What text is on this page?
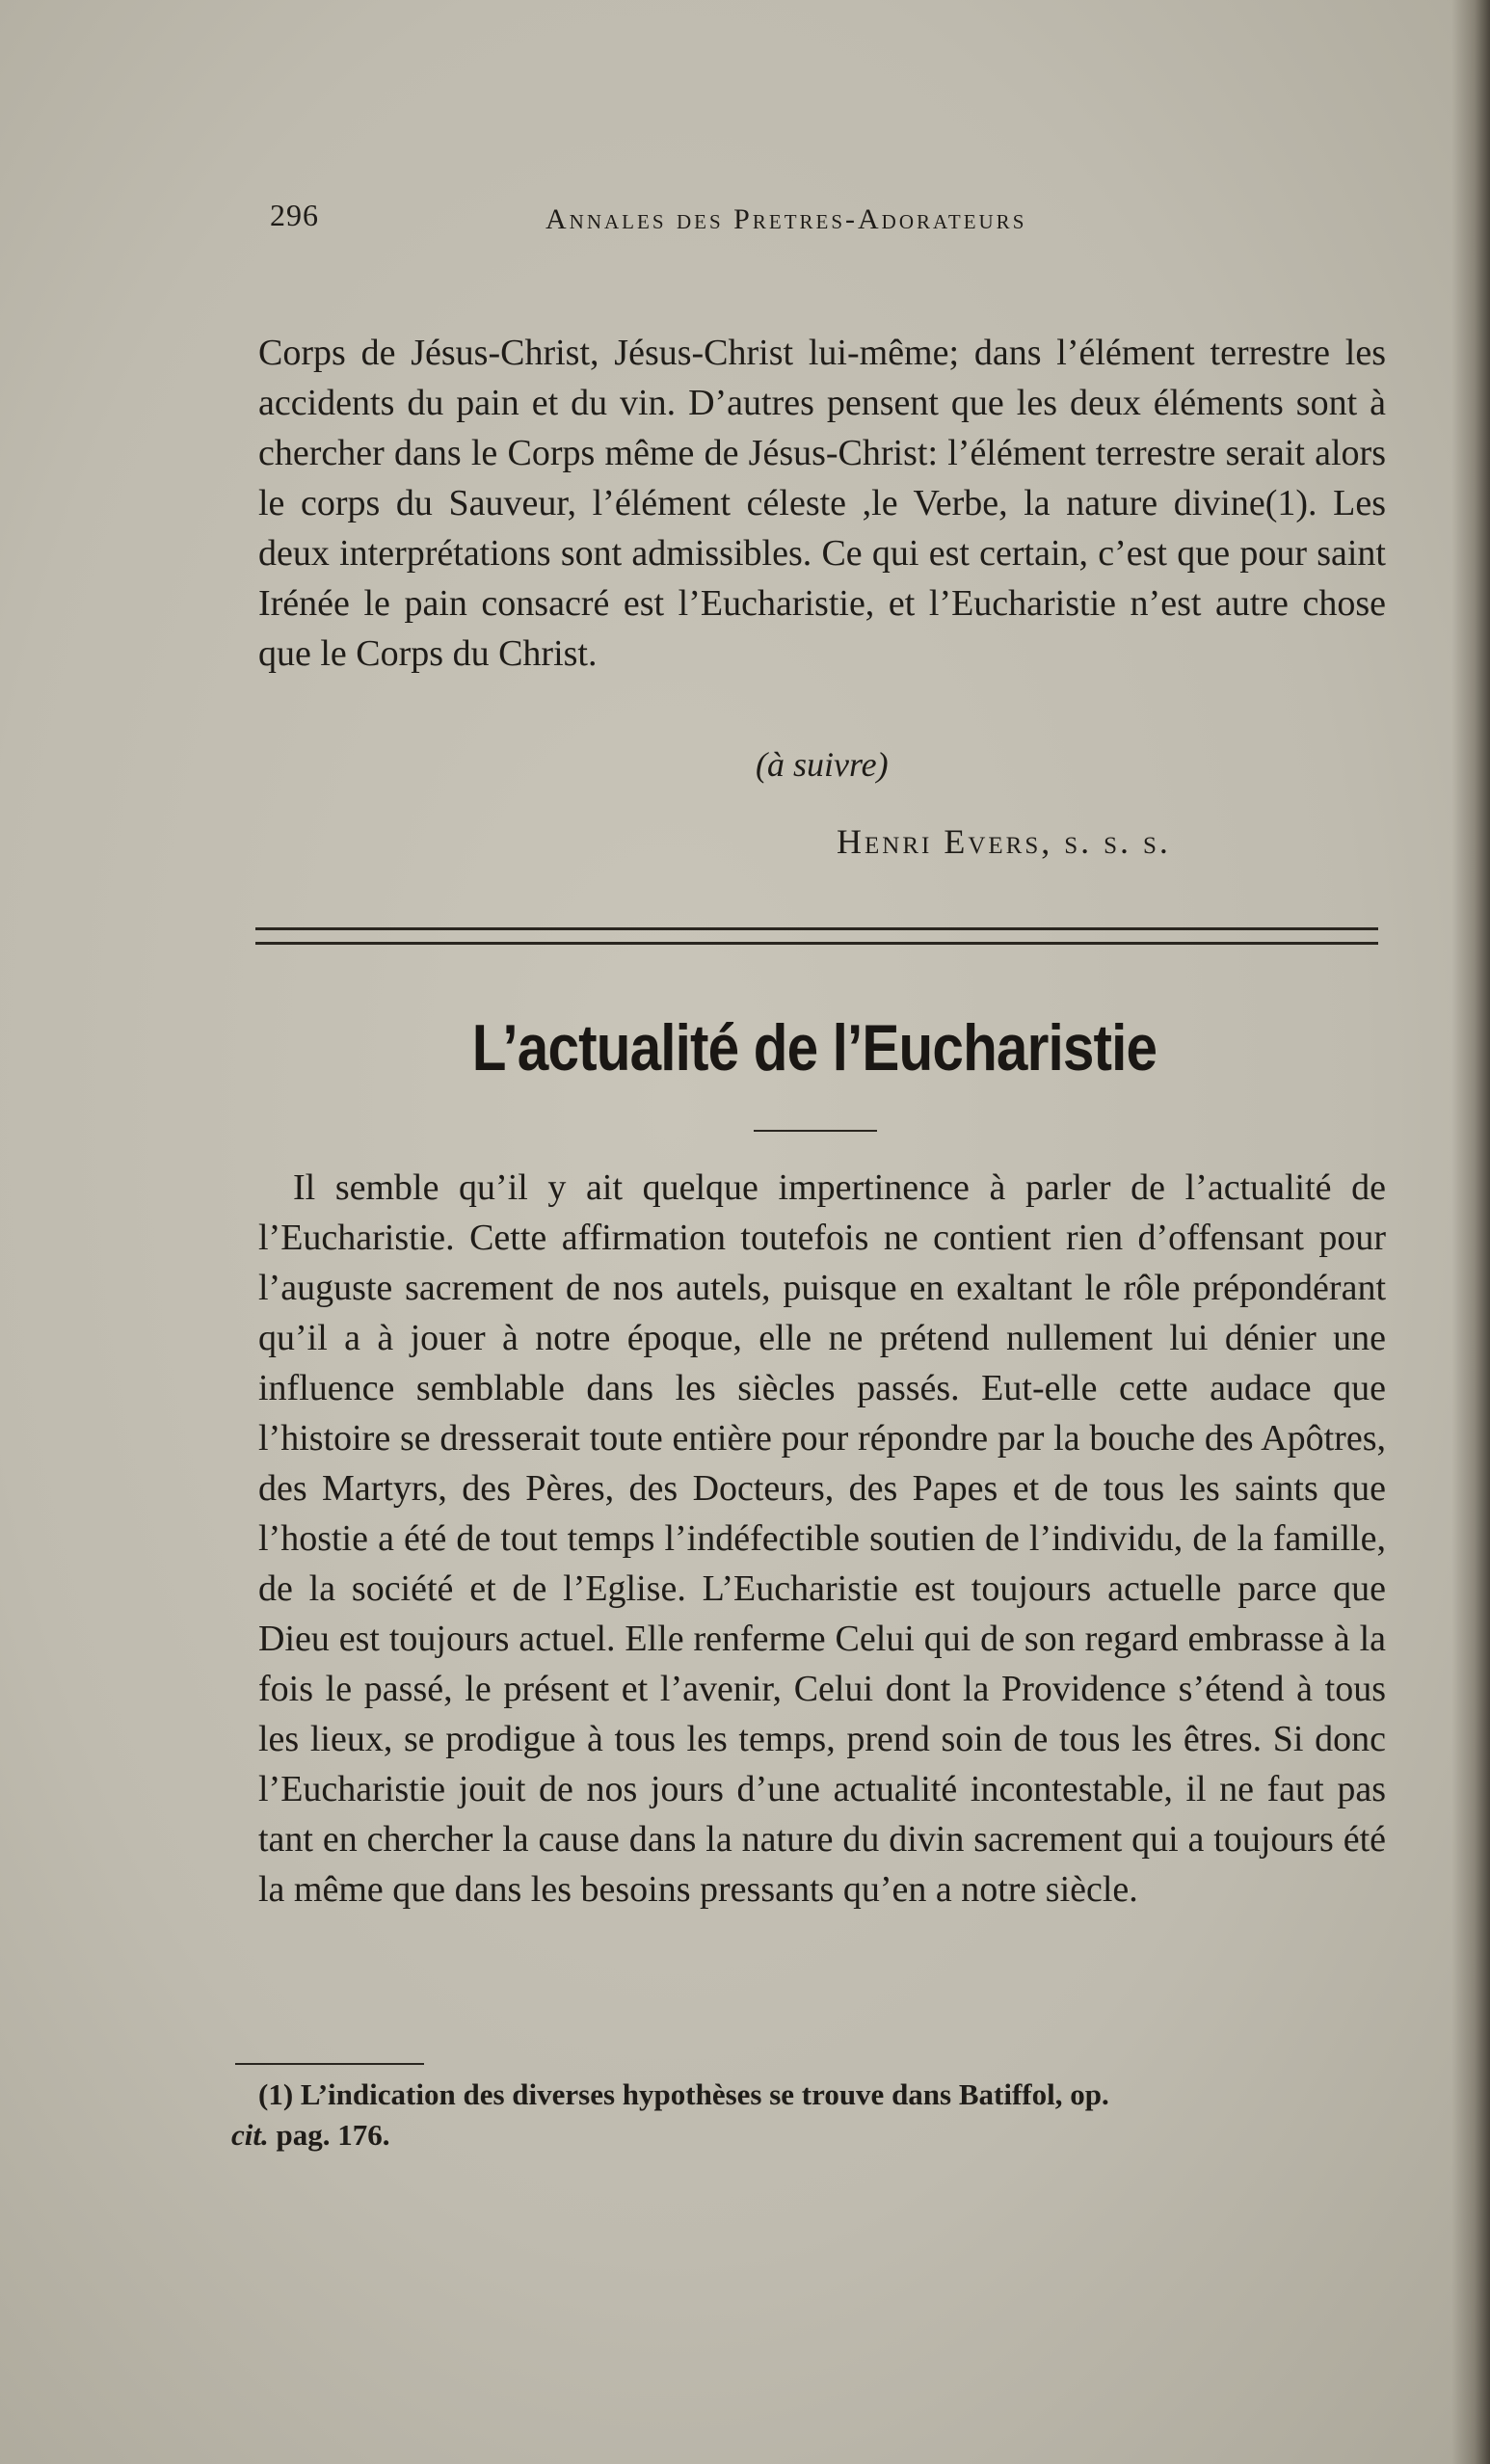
296	Annales des Pretres-Adorateurs

Corps de Jésus-Christ, Jésus-Christ lui-même; dans l’élément terrestre les accidents du pain et du vin. D’autres pensent que les deux éléments sont à chercher dans le Corps même de Jésus-Christ: l’élément terrestre serait alors le corps du Sauveur, l’élément céleste ,le Verbe, la nature divine(1). Les deux interprétations sont admissibles. Ce qui est certain, c’est que pour saint Irénée le pain consacré est l’Eucharistie, et l’Eucharistie n’est autre chose que le Corps du Christ.

(à suivre)
Henri Evers, s. s. s.
L’actualité de l’Eucharistie

Il semble qu’il y ait quelque impertinence à parler de l’actualité de l’Eucharistie. Cette affirmation toutefois ne contient rien d’offensant pour l’auguste sacrement de nos autels, puisque en exaltant le rôle prépondérant qu’il a à jouer à notre époque, elle ne prétend nullement lui dénier une influence semblable dans les siècles passés. Eut-elle cette audace que l’histoire se dresserait toute entière pour répondre par la bouche des Apôtres, des Martyrs, des Pères, des Docteurs, des Papes et de tous les saints que l’hostie a été de tout temps l’indéfectible soutien de l’individu, de la famille, de la société et de l’Eglise. L’Eucharistie est toujours actuelle parce que Dieu est toujours actuel. Elle renferme Celui qui de son regard embrasse à la fois le passé, le présent et l’avenir, Celui dont la Providence s’étend à tous les lieux, se prodigue à tous les temps, prend soin de tous les êtres. Si donc l’Eucharistie jouit de nos jours d’une actualité incontestable, il ne faut pas tant en chercher la cause dans la nature du divin sacrement qui a toujours été la même que dans les besoins pressants qu’en a notre siècle.

(1) L’indication des diverses hypothèses se trouve dans Batiffol, op.
cit. pag. 176.
